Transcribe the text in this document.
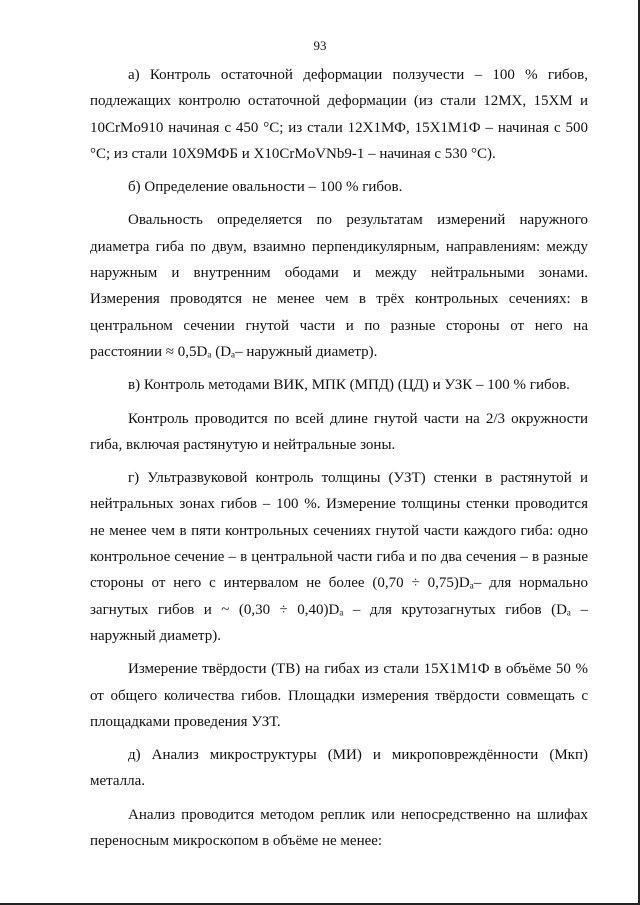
93

а) Контроль остаточной деформации ползучести – 100 % гибов, подлежащих контролю остаточной деформации (из стали 12МХ, 15ХМ и 10CrMo910 начиная с 450 °С; из стали 12Х1МФ, 15Х1М1Ф – начиная с 500 °С; из стали 10Х9МФБ и X10CrMoVNb9-1 – начиная с 530 °С).

б) Определение овальности – 100 % гибов.

Овальность определяется по результатам измерений наружного диаметра гиба по двум, взаимно перпендикулярным, направлениям: между наружным и внутренним ободами и между нейтральными зонами. Измерения проводятся не менее чем в трёх контрольных сечениях: в центральном сечении гнутой части и по разные стороны от него на расстоянии ≈ 0,5Dₐ (Dₐ– наружный диаметр).

в) Контроль методами ВИК, МПК (МПД) (ЦД) и УЗК – 100 % гибов.

Контроль проводится по всей длине гнутой части на 2/3 окружности гиба, включая растянутую и нейтральные зоны.

г) Ультразвуковой контроль толщины (УЗТ) стенки в растянутой и нейтральных зонах гибов – 100 %. Измерение толщины стенки проводится не менее чем в пяти контрольных сечениях гнутой части каждого гиба: одно контрольное сечение – в центральной части гиба и по два сечения – в разные стороны от него с интервалом не более (0,70 ÷ 0,75)Dₐ– для нормально загнутых гибов и ~ (0,30 ÷ 0,40)Dₐ – для крутозагнутых гибов (Dₐ – наружный диаметр).

Измерение твёрдости (ТВ) на гибах из стали 15Х1М1Ф в объёме 50 % от общего количества гибов. Площадки измерения твёрдости совмещать с площадками проведения УЗТ.

д) Анализ микроструктуры (МИ) и микроповреждённости (Mкп) металла.

Анализ проводится методом реплик или непосредственно на шлифах переносным микроскопом в объёме не менее:
